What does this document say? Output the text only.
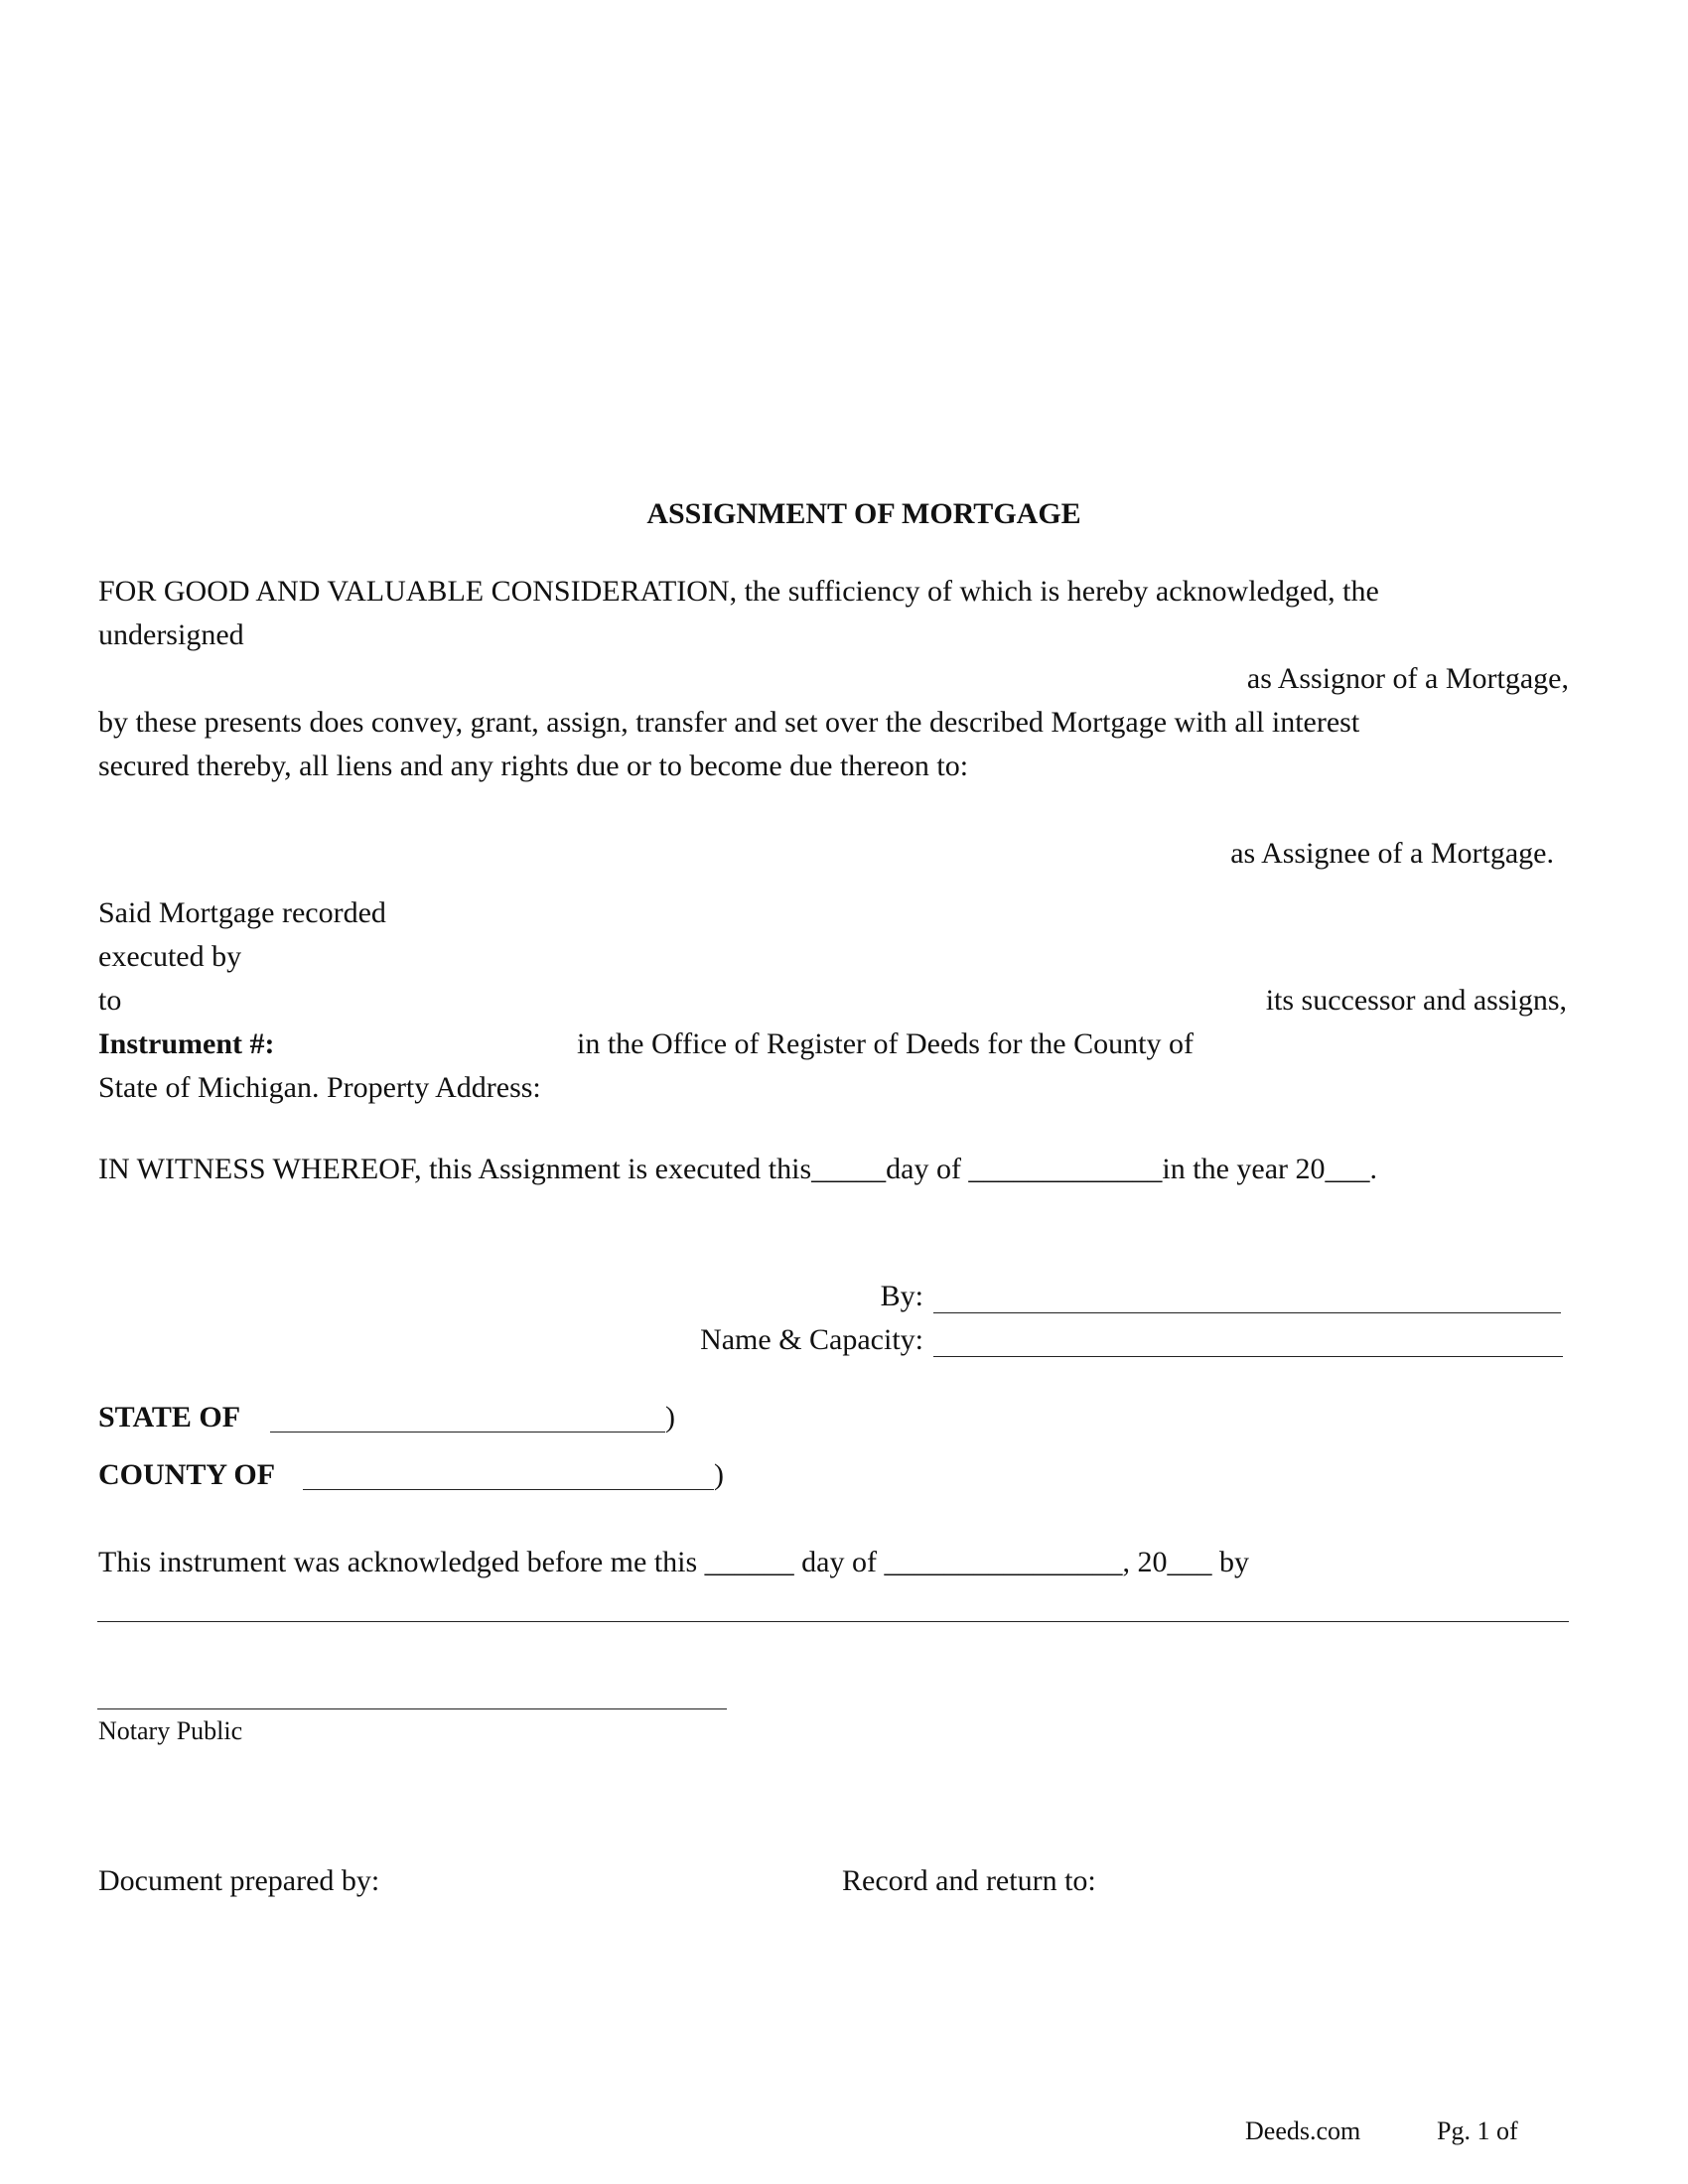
ASSIGNMENT OF MORTGAGE
FOR GOOD AND VALUABLE CONSIDERATION, the sufficiency of which is hereby acknowledged, the
undersigned
as Assignor of a Mortgage,
by these presents does convey, grant, assign, transfer and set over the described Mortgage with all interest
secured thereby, all liens and any rights due or to become due thereon to:
as Assignee of a Mortgage.
Said Mortgage recorded
executed by
to	its successor and assigns,
Instrument #:	in the Office of Register of Deeds for the County of
State of Michigan. Property Address:
IN WITNESS WHEREOF, this Assignment is executed this_____day of _____________in the year 20___.
By:
Name & Capacity:
STATE OF	)
COUNTY OF	)
This instrument was acknowledged before me this ______ day of ________________, 20___ by
Notary Public
Document prepared by:	Record and return to:
Deeds.com	Pg. 1 of
